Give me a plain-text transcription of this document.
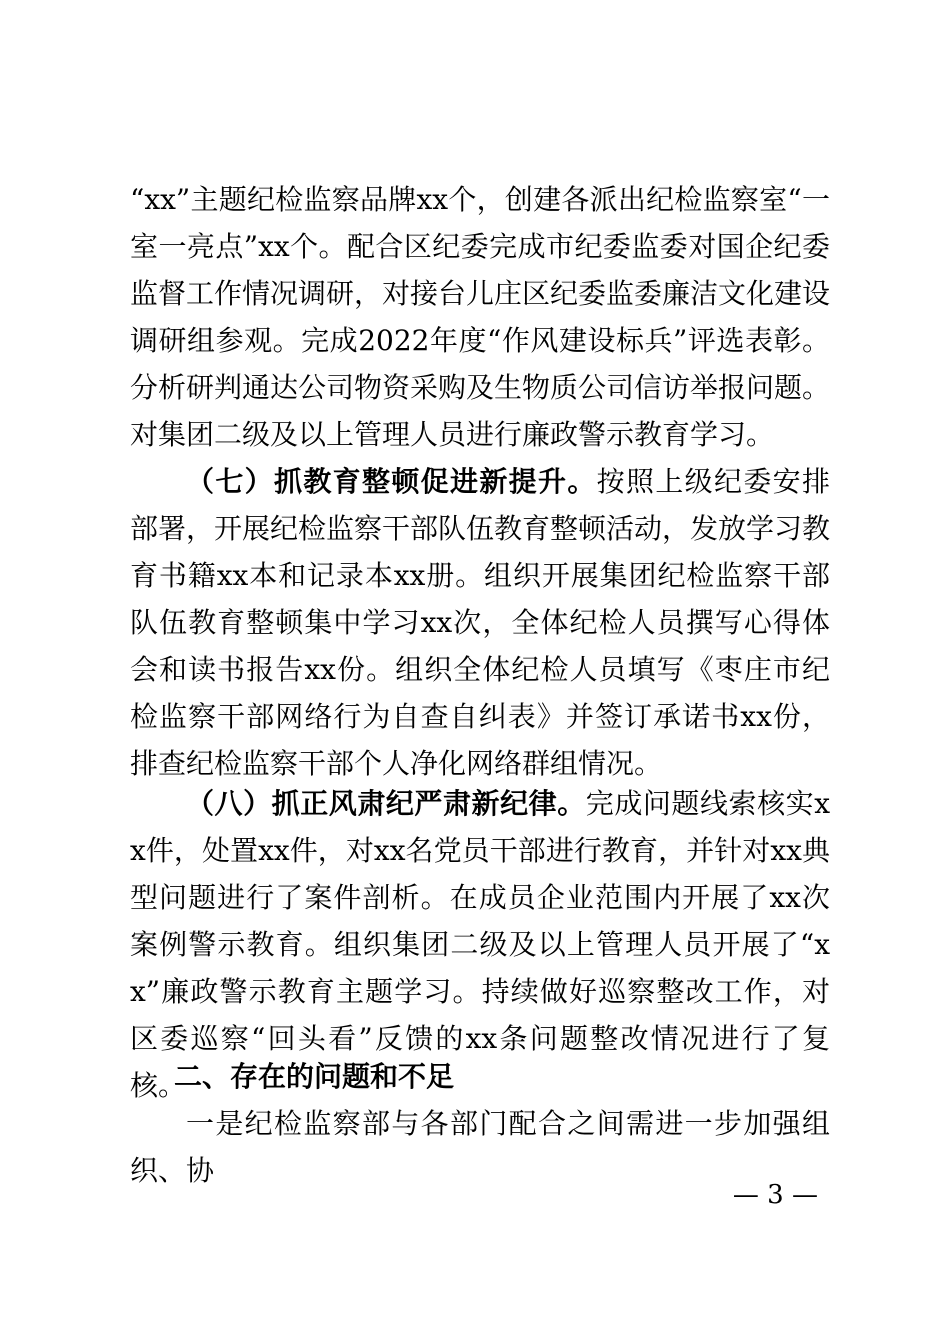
“xx”主题纪检监察品牌xx个，创建各派出纪检监察室“一室一亮点”xx个。配合区纪委完成市纪委监委对国企纪委监督工作情况调研，对接台儿庄区纪委监委廉洁文化建设调研组参观。完成2022年度“作风建设标兵”评选表彰。分析研判通达公司物资采购及生物质公司信访举报问题。对集团二级及以上管理人员进行廉政警示教育学习。

（七）抓教育整顿促进新提升。按照上级纪委安排部署，开展纪检监察干部队伍教育整顿活动，发放学习教育书籍xx本和记录本xx册。组织开展集团纪检监察干部队伍教育整顿集中学习xx次，全体纪检人员撰写心得体会和读书报告xx份。组织全体纪检人员填写《枣庄市纪检监察干部网络行为自查自纠表》并签订承诺书xx份，排查纪检监察干部个人净化网络群组情况。

（八）抓正风肃纪严肃新纪律。完成问题线索核实xx件，处置xx件，对xx名党员干部进行教育，并针对xx典型问题进行了案件剖析。在成员企业范围内开展了xx次案例警示教育。组织集团二级及以上管理人员开展了“xx”廉政警示教育主题学习。持续做好巡察整改工作，对区委巡察“回头看”反馈的xx条问题整改情况进行了复核。

二、存在的问题和不足

一是纪检监察部与各部门配合之间需进一步加强组织、协

— 3 —
